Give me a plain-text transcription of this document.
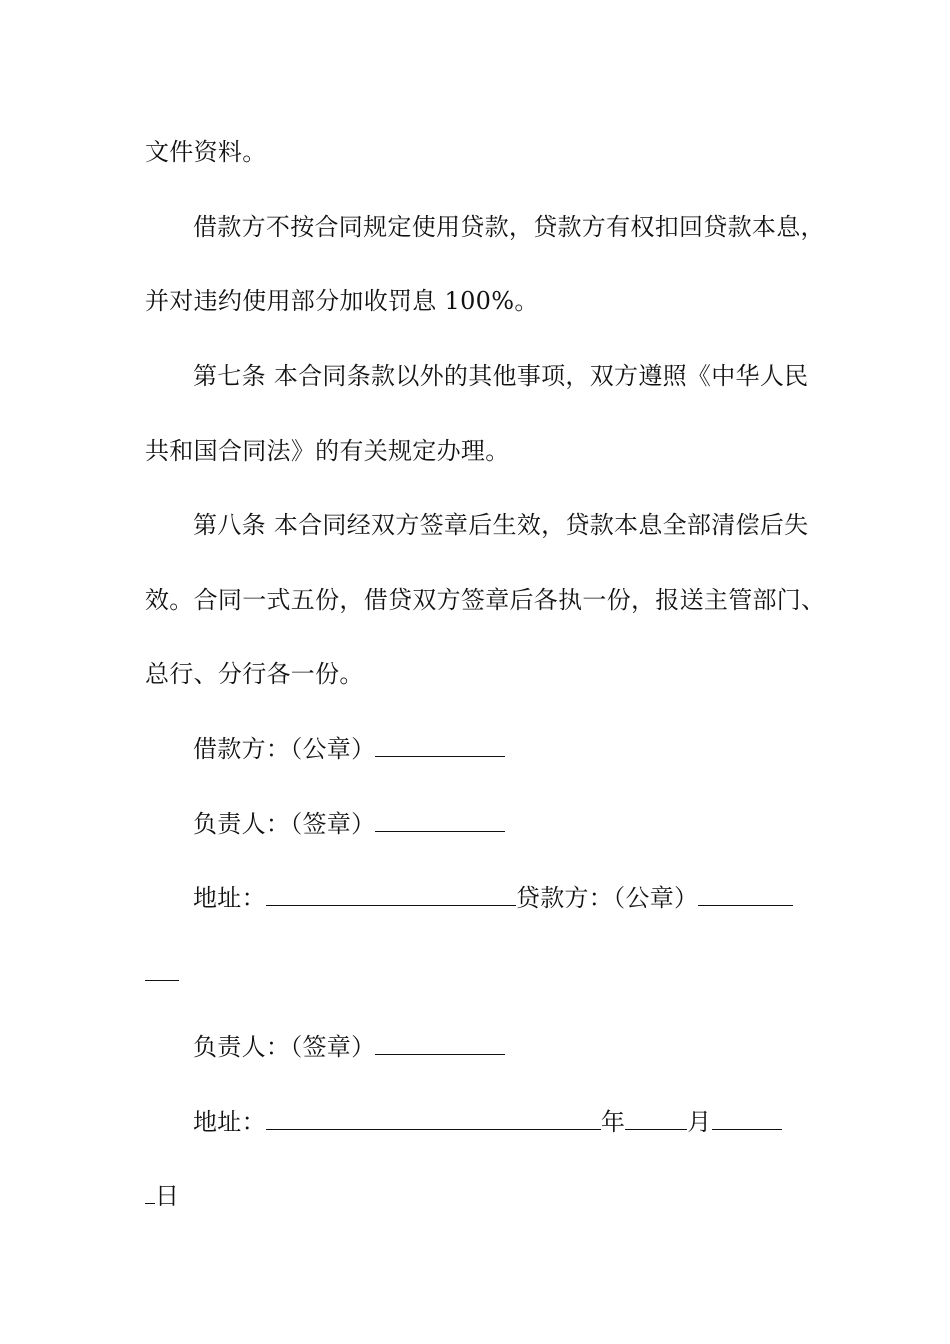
文件资料。
借款方不按合同规定使用贷款，贷款方有权扣回贷款本息，
并对违约使用部分加收罚息 100%。
第七条 本合同条款以外的其他事项，双方遵照《中华人民
共和国合同法》的有关规定办理。
第八条 本合同经双方签章后生效，贷款本息全部清偿后失
效。合同一式五份，借贷双方签章后各执一份，报送主管部门、
总行、分行各一份。
借款方：（公章）
负责人：（签章）
地址：	贷款方：（公章）
负责人：（签章）
地址：	年	月
日
